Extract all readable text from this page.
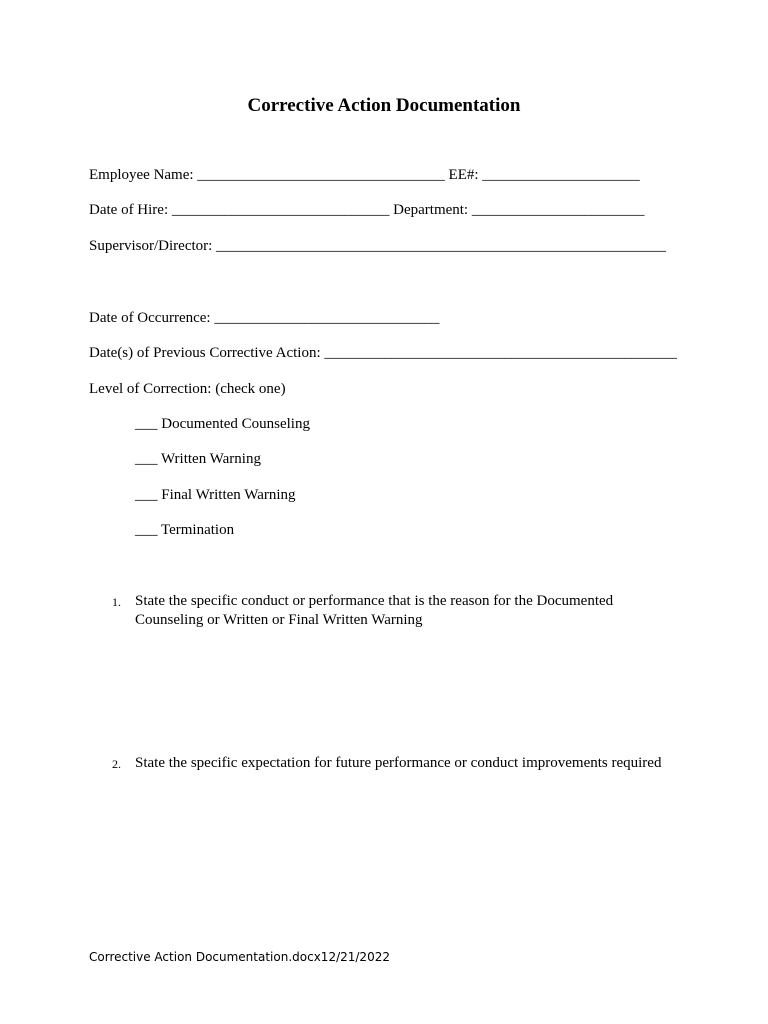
Corrective Action Documentation
Employee Name: _________________________________ EE#: _____________________
Date of Hire: _____________________________ Department: _______________________
Supervisor/Director: ____________________________________________________________
Date of Occurrence: ______________________________
Date(s) of Previous Corrective Action: _______________________________________________
Level of Correction: (check one)
___ Documented Counseling
___ Written Warning
___ Final Written Warning
___ Termination
1. State the specific conduct or performance that is the reason for the Documented Counseling or Written or Final Written Warning
2. State the specific expectation for future performance or conduct improvements required
Corrective Action Documentation.docx12/21/2022
